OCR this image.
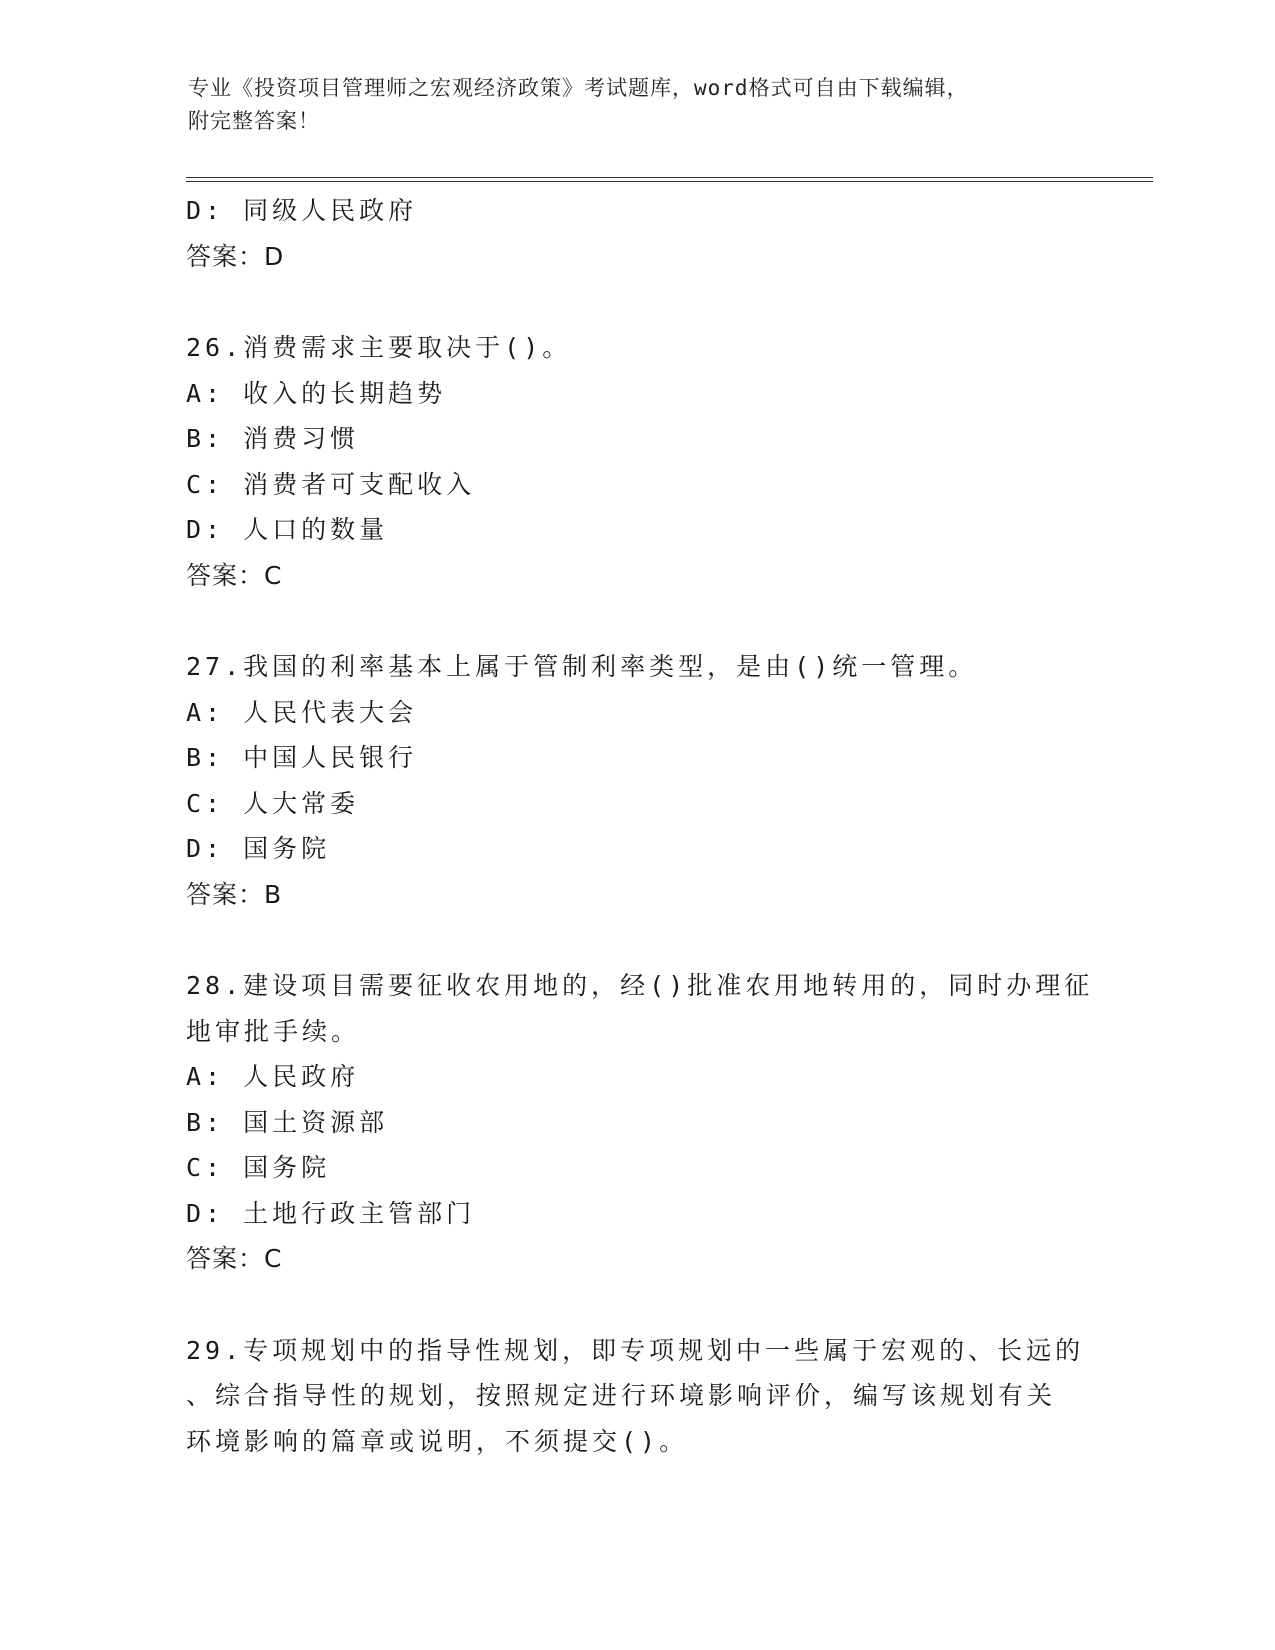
专业《投资项目管理师之宏观经济政策》考试题库，word格式可自由下载编辑，
附完整答案！
D: 同级人民政府
答案：D
26.消费需求主要取决于()。
A: 收入的长期趋势
B: 消费习惯
C: 消费者可支配收入
D: 人口的数量
答案：C
27.我国的利率基本上属于管制利率类型，是由()统一管理。
A: 人民代表大会
B: 中国人民银行
C: 人大常委
D: 国务院
答案：B
28.建设项目需要征收农用地的，经()批准农用地转用的，同时办理征
地审批手续。
A: 人民政府
B: 国土资源部
C: 国务院
D: 土地行政主管部门
答案：C
29.专项规划中的指导性规划，即专项规划中一些属于宏观的、长远的
、综合指导性的规划，按照规定进行环境影响评价，编写该规划有关
环境影响的篇章或说明，不须提交()。
